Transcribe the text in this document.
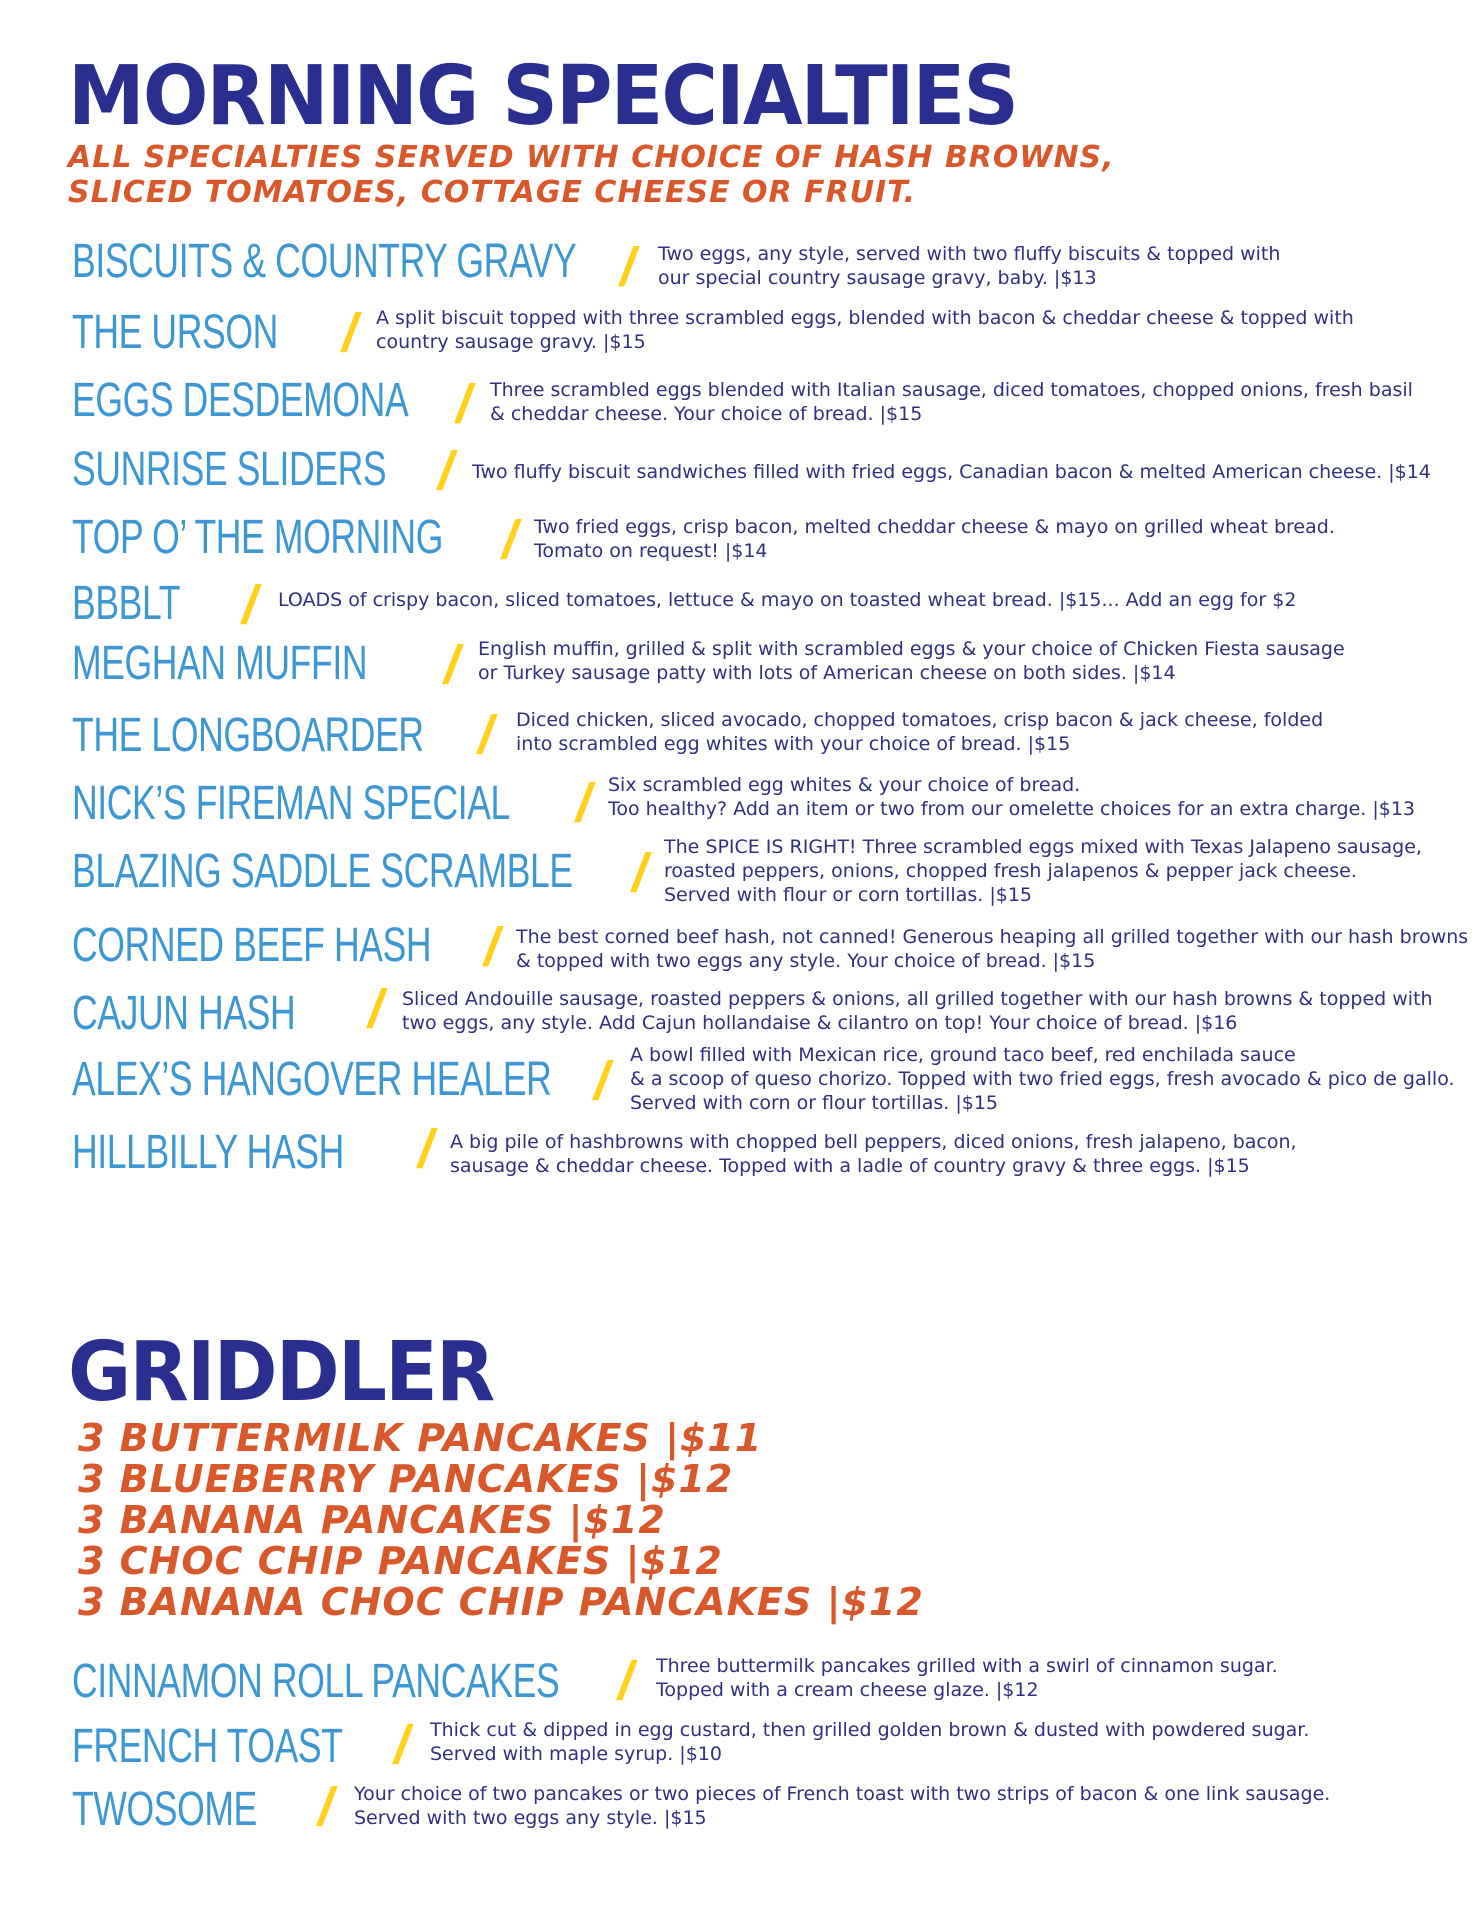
MORNING SPECIALTIES
ALL SPECIALTIES SERVED WITH CHOICE OF HASH BROWNS,
SLICED TOMATOES, COTTAGE CHEESE OR FRUIT.
BISCUITS & COUNTRY GRAVY / Two eggs, any style, served with two fluffy biscuits & topped with
our special country sausage gravy, baby. |$13
THE URSON / A split biscuit topped with three scrambled eggs, blended with bacon & cheddar cheese & topped with
country sausage gravy. |$15
EGGS DESDEMONA / Three scrambled eggs blended with Italian sausage, diced tomatoes, chopped onions, fresh basil
& cheddar cheese. Your choice of bread. |$15
SUNRISE SLIDERS / Two fluffy biscuit sandwiches filled with fried eggs, Canadian bacon & melted American cheese. |$14
TOP O’ THE MORNING / Two fried eggs, crisp bacon, melted cheddar cheese & mayo on grilled wheat bread.
Tomato on request! |$14
BBBLT / LOADS of crispy bacon, sliced tomatoes, lettuce & mayo on toasted wheat bread. |$15... Add an egg for $2
MEGHAN MUFFIN / English muffin, grilled & split with scrambled eggs & your choice of Chicken Fiesta sausage
or Turkey sausage patty with lots of American cheese on both sides. |$14
THE LONGBOARDER / Diced chicken, sliced avocado, chopped tomatoes, crisp bacon & jack cheese, folded
into scrambled egg whites with your choice of bread. |$15
NICK’S FIREMAN SPECIAL / Six scrambled egg whites & your choice of bread.
Too healthy? Add an item or two from our omelette choices for an extra charge. |$13
BLAZING SADDLE SCRAMBLE / The SPICE IS RIGHT! Three scrambled eggs mixed with Texas Jalapeno sausage,
roasted peppers, onions, chopped fresh jalapenos & pepper jack cheese.
Served with flour or corn tortillas. |$15
CORNED BEEF HASH / The best corned beef hash, not canned! Generous heaping all grilled together with our hash browns
& topped with two eggs any style. Your choice of bread. |$15
CAJUN HASH / Sliced Andouille sausage, roasted peppers & onions, all grilled together with our hash browns & topped with
two eggs, any style. Add Cajun hollandaise & cilantro on top! Your choice of bread. |$16
ALEX’S HANGOVER HEALER / A bowl filled with Mexican rice, ground taco beef, red enchilada sauce
& a scoop of queso chorizo. Topped with two fried eggs, fresh avocado & pico de gallo.
Served with corn or flour tortillas. |$15
HILLBILLY HASH / A big pile of hashbrowns with chopped bell peppers, diced onions, fresh jalapeno, bacon,
sausage & cheddar cheese. Topped with a ladle of country gravy & three eggs. |$15
GRIDDLER
3 BUTTERMILK PANCAKES |$11
3 BLUEBERRY PANCAKES |$12
3 BANANA PANCAKES |$12
3 CHOC CHIP PANCAKES |$12
3 BANANA CHOC CHIP PANCAKES |$12
CINNAMON ROLL PANCAKES / Three buttermilk pancakes grilled with a swirl of cinnamon sugar.
Topped with a cream cheese glaze. |$12
FRENCH TOAST / Thick cut & dipped in egg custard, then grilled golden brown & dusted with powdered sugar.
Served with maple syrup. |$10
TWOSOME / Your choice of two pancakes or two pieces of French toast with two strips of bacon & one link sausage.
Served with two eggs any style. |$15
